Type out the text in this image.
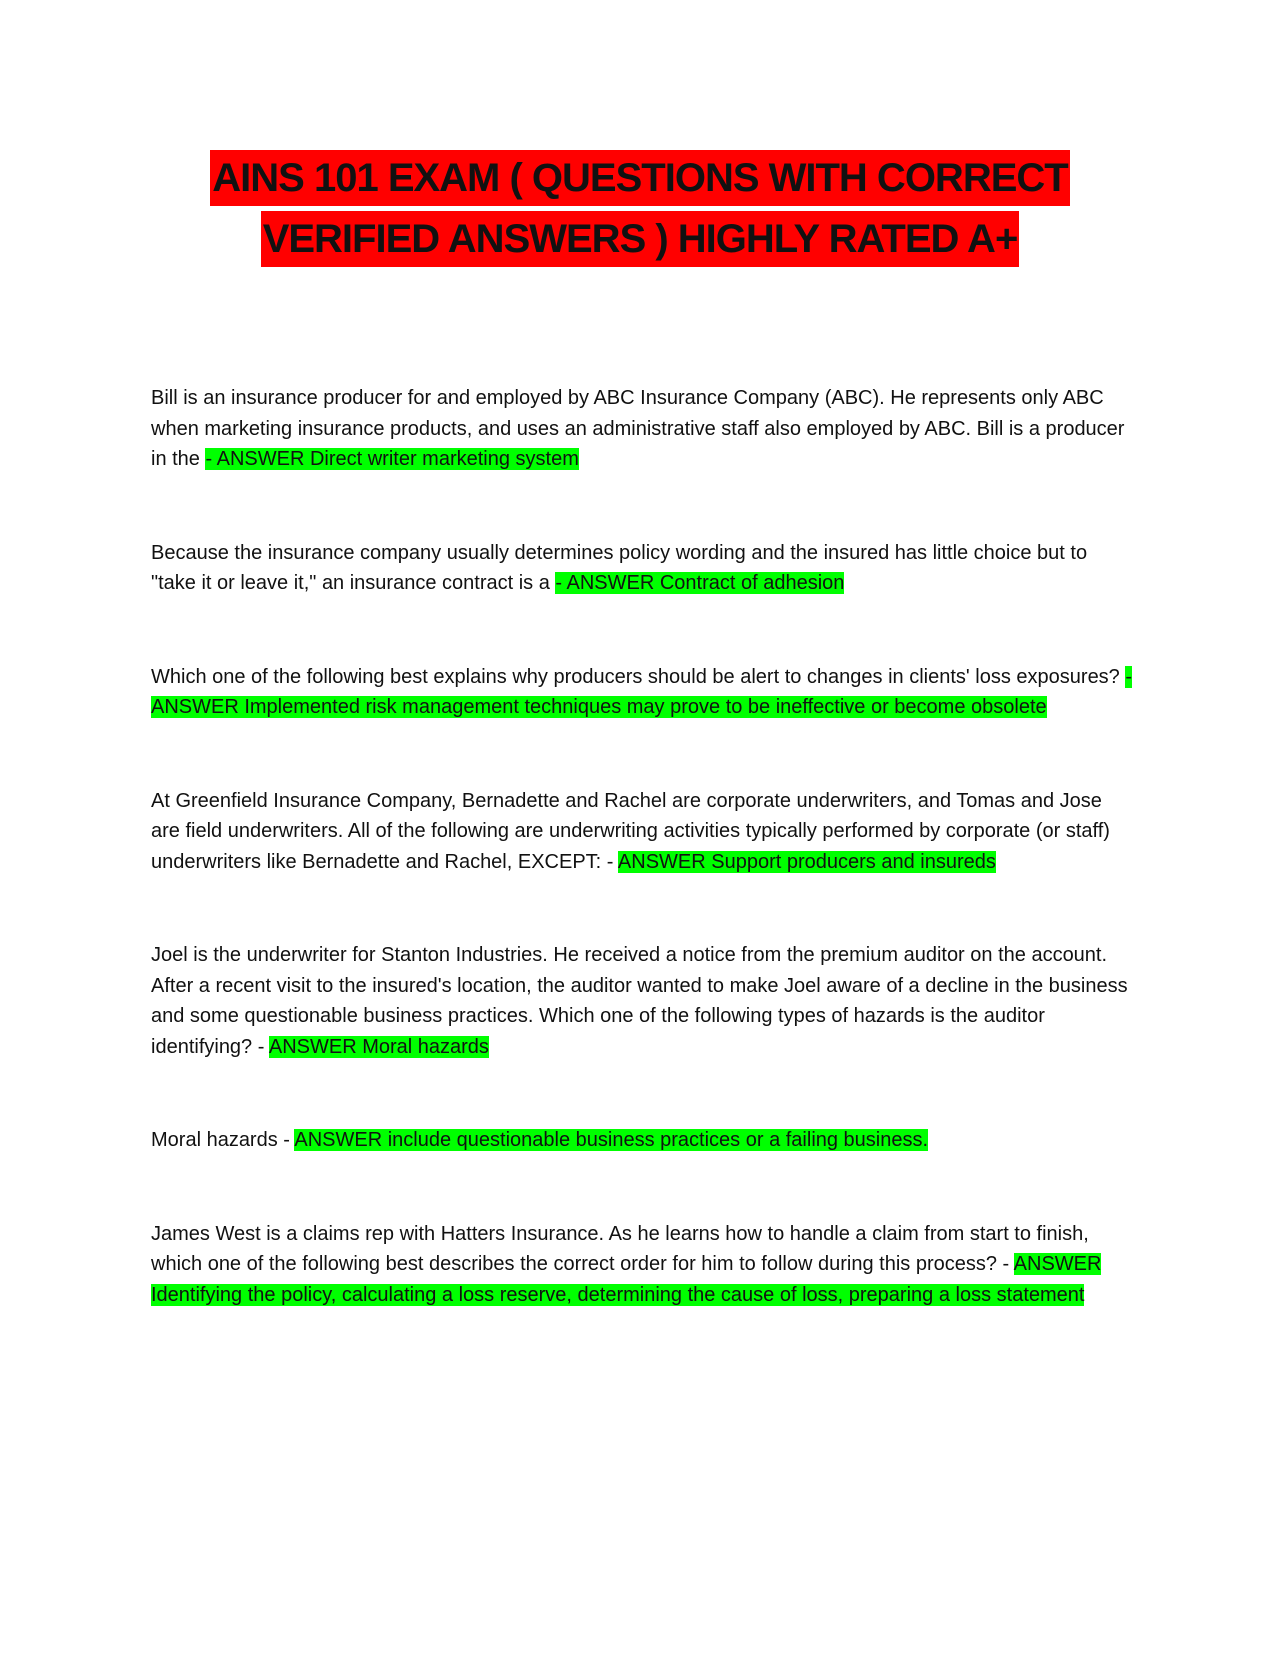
AINS 101 EXAM ( QUESTIONS WITH CORRECT
VERIFIED ANSWERS ) HIGHLY RATED A+

Bill is an insurance producer for and employed by ABC Insurance Company (ABC). He represents only ABC when marketing insurance products, and uses an administrative staff also employed by ABC. Bill is a producer in the - ANSWER Direct writer marketing system

Because the insurance company usually determines policy wording and the insured has little choice but to "take it or leave it," an insurance contract is a - ANSWER Contract of adhesion

Which one of the following best explains why producers should be alert to changes in clients' loss exposures? - ANSWER Implemented risk management techniques may prove to be ineffective or become obsolete

At Greenfield Insurance Company, Bernadette and Rachel are corporate underwriters, and Tomas and Jose are field underwriters. All of the following are underwriting activities typically performed by corporate (or staff) underwriters like Bernadette and Rachel, EXCEPT: - ANSWER Support producers and insureds

Joel is the underwriter for Stanton Industries. He received a notice from the premium auditor on the account. After a recent visit to the insured's location, the auditor wanted to make Joel aware of a decline in the business and some questionable business practices. Which one of the following types of hazards is the auditor identifying? - ANSWER Moral hazards

Moral hazards - ANSWER include questionable business practices or a failing business.

James West is a claims rep with Hatters Insurance. As he learns how to handle a claim from start to finish, which one of the following best describes the correct order for him to follow during this process? - ANSWER Identifying the policy, calculating a loss reserve, determining the cause of loss, preparing a loss statement
